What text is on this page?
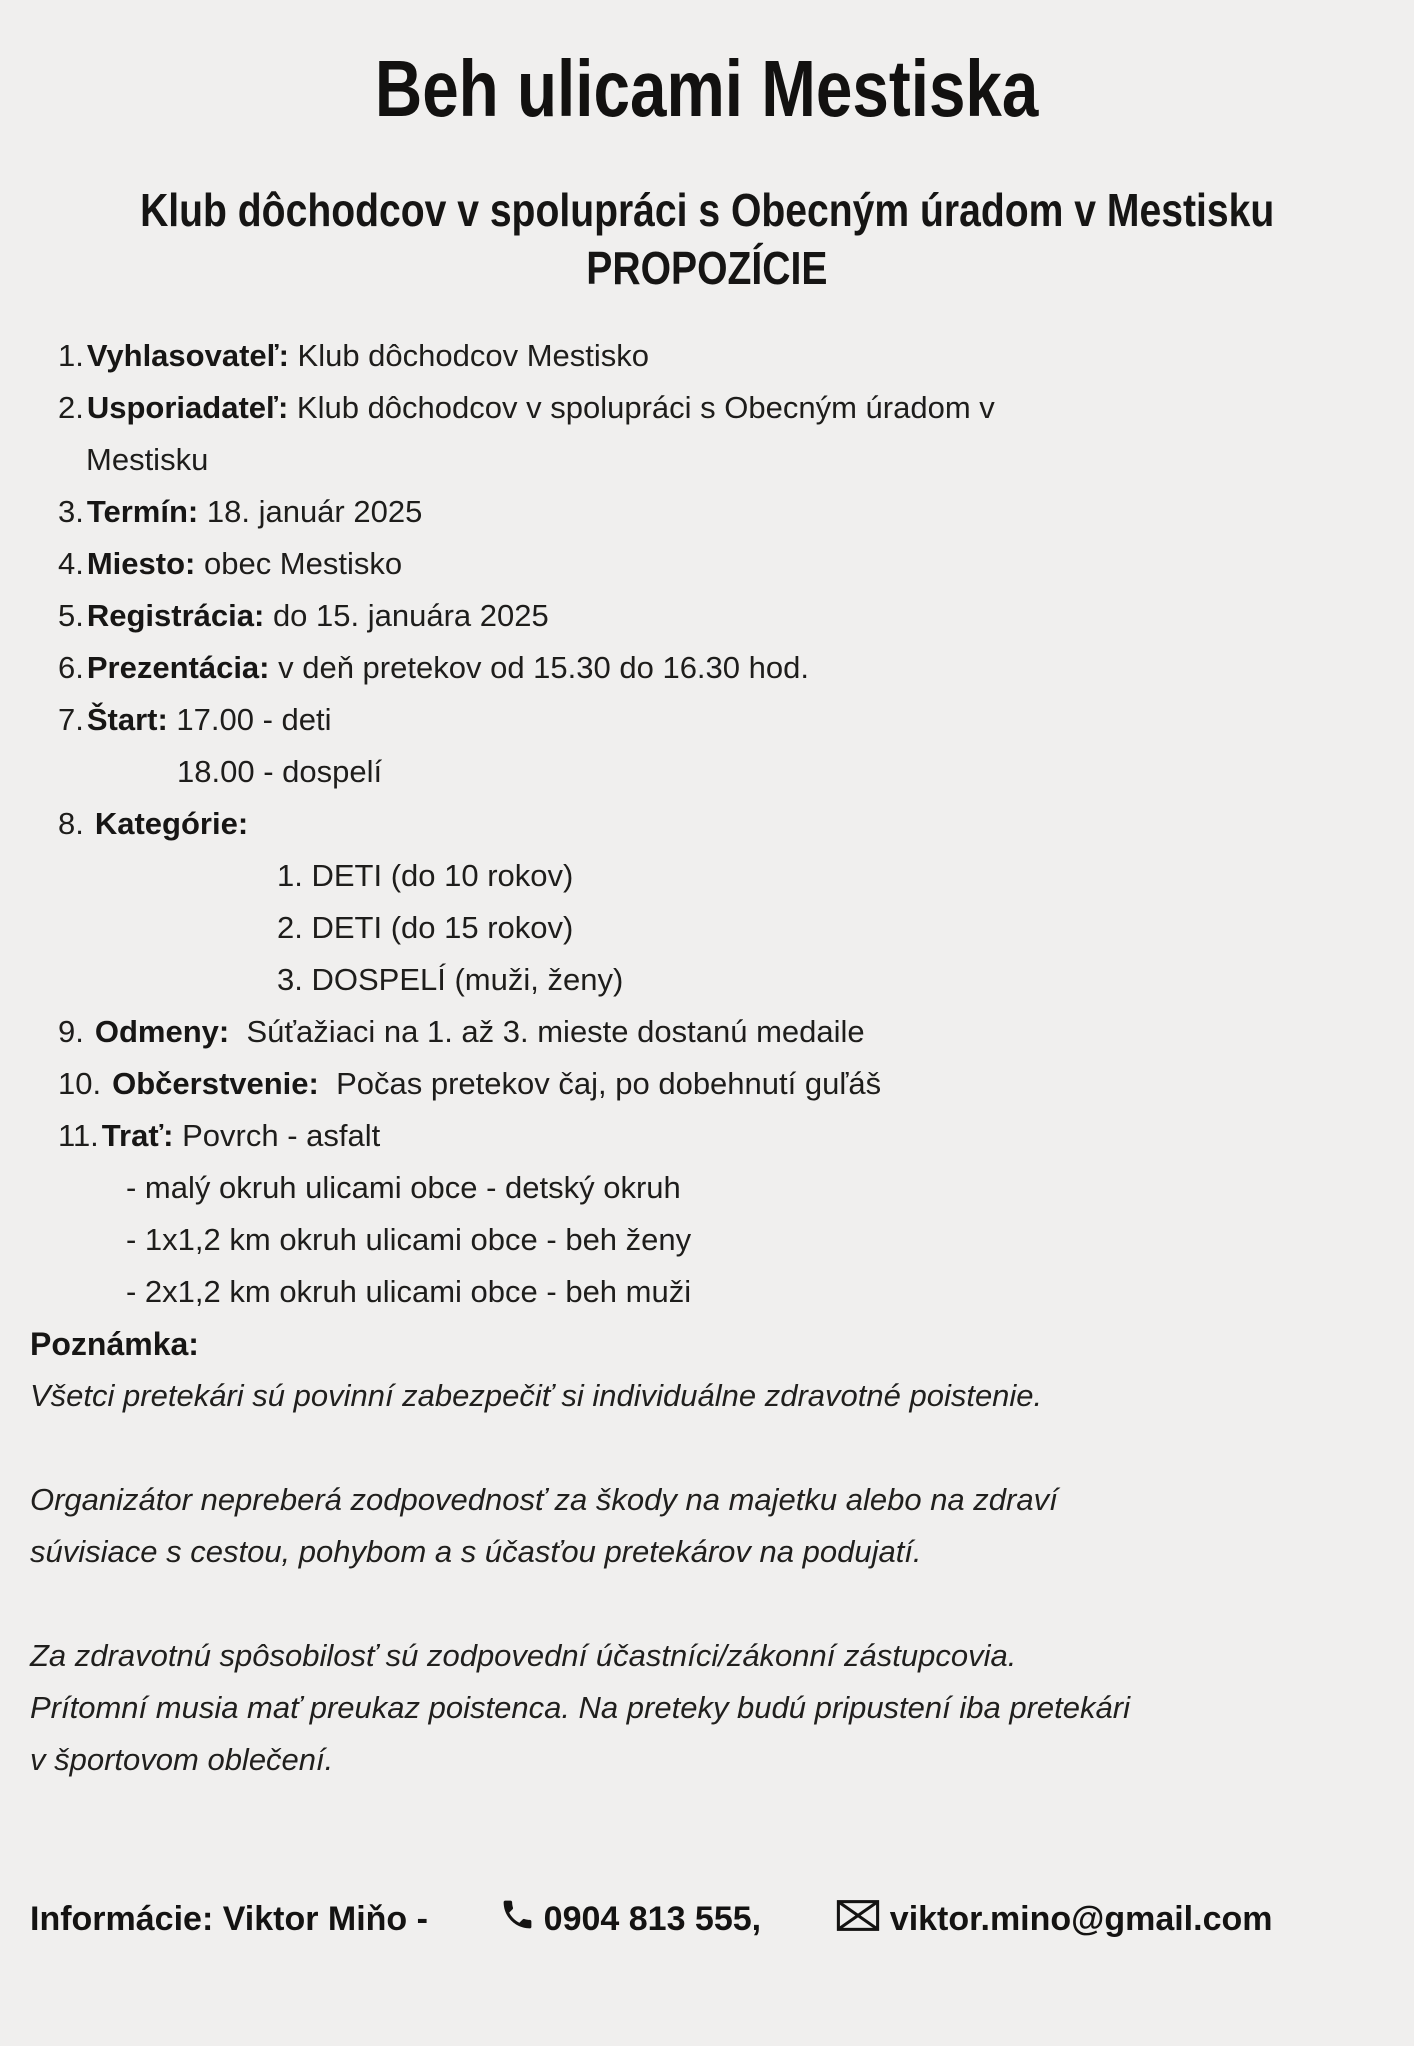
Beh ulicami Mestiska

Klub dôchodcov v spolupráci s Obecným úradom v Mestisku

PROPOZÍCIE

1.Vyhlasovateľ: Klub dôchodcov Mestisko
2.Usporiadateľ: Klub dôchodcov v spolupráci s Obecným úradom v
Mestisku
3.Termín: 18. január 2025
4.Miesto: obec Mestisko
5.Registrácia: do 15. januára 2025
6.Prezentácia: v deň pretekov od 15.30 do 16.30 hod.
7.Štart: 17.00 - deti
18.00 - dospelí
8. Kategórie:
1. DETI (do 10 rokov)
2. DETI (do 15 rokov)
3. DOSPELÍ (muži, ženy)
9. Odmeny:  Súťažiaci na 1. až 3. mieste dostanú medaile
10. Občerstvenie:  Počas pretekov čaj, po dobehnutí guľáš
11.Trať: Povrch - asfalt
- malý okruh ulicami obce - detský okruh
- 1x1,2 km okruh ulicami obce - beh ženy
- 2x1,2 km okruh ulicami obce - beh muži
Poznámka:
Všetci pretekári sú povinní zabezpečiť si individuálne zdravotné poistenie.
Organizátor nepreberá zodpovednosť za škody na majetku alebo na zdraví
súvisiace s cestou, pohybom a s účasťou pretekárov na podujatí.
Za zdravotnú spôsobilosť sú zodpovední účastníci/zákonní zástupcovia.
Prítomní musia mať preukaz poistenca. Na preteky budú pripustení iba pretekári
v športovom oblečení.
Informácie: Viktor Miňo -

	0904 813 555,

	viktor.mino@gmail.com
